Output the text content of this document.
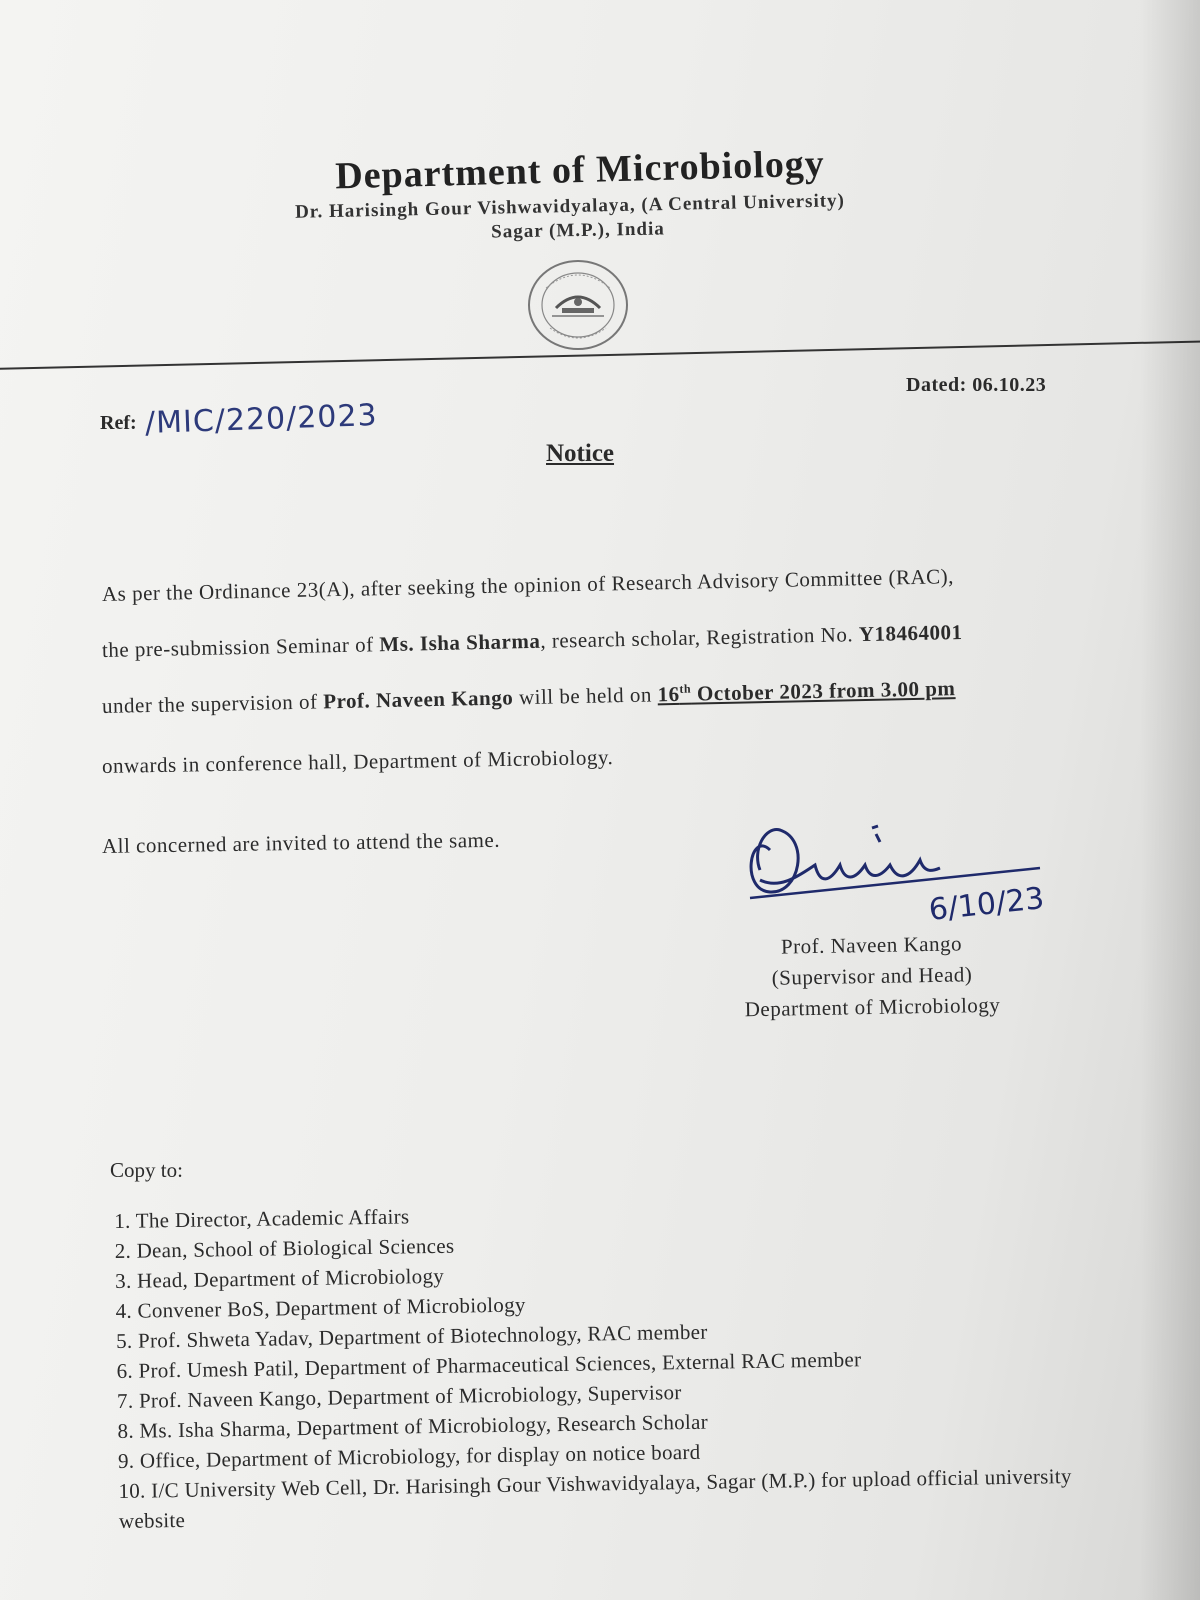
Department of Microbiology
Dr. Harisingh Gour Vishwavidyalaya, (A Central University)
Sagar (M.P.), India
Dated: 06.10.23
Ref: /MIC/220/2023
Notice
As per the Ordinance 23(A), after seeking the opinion of Research Advisory Committee (RAC),
the pre-submission Seminar of Ms. Isha Sharma, research scholar, Registration No. Y18464001
under the supervision of Prof. Naveen Kango will be held on 16th October 2023 from 3.00 pm
onwards in conference hall, Department of Microbiology.
All concerned are invited to attend the same.
6/10/23
Prof. Naveen Kango
(Supervisor and Head)
Department of Microbiology
Copy to:
1. The Director, Academic Affairs
2. Dean, School of Biological Sciences
3. Head, Department of Microbiology
4. Convener BoS, Department of Microbiology
5. Prof. Shweta Yadav, Department of Biotechnology, RAC member
6. Prof. Umesh Patil, Department of Pharmaceutical Sciences, External RAC member
7. Prof. Naveen Kango, Department of Microbiology, Supervisor
8. Ms. Isha Sharma, Department of Microbiology, Research Scholar
9. Office, Department of Microbiology, for display on notice board
10. I/C University Web Cell, Dr. Harisingh Gour Vishwavidyalaya, Sagar (M.P.) for upload official university website
